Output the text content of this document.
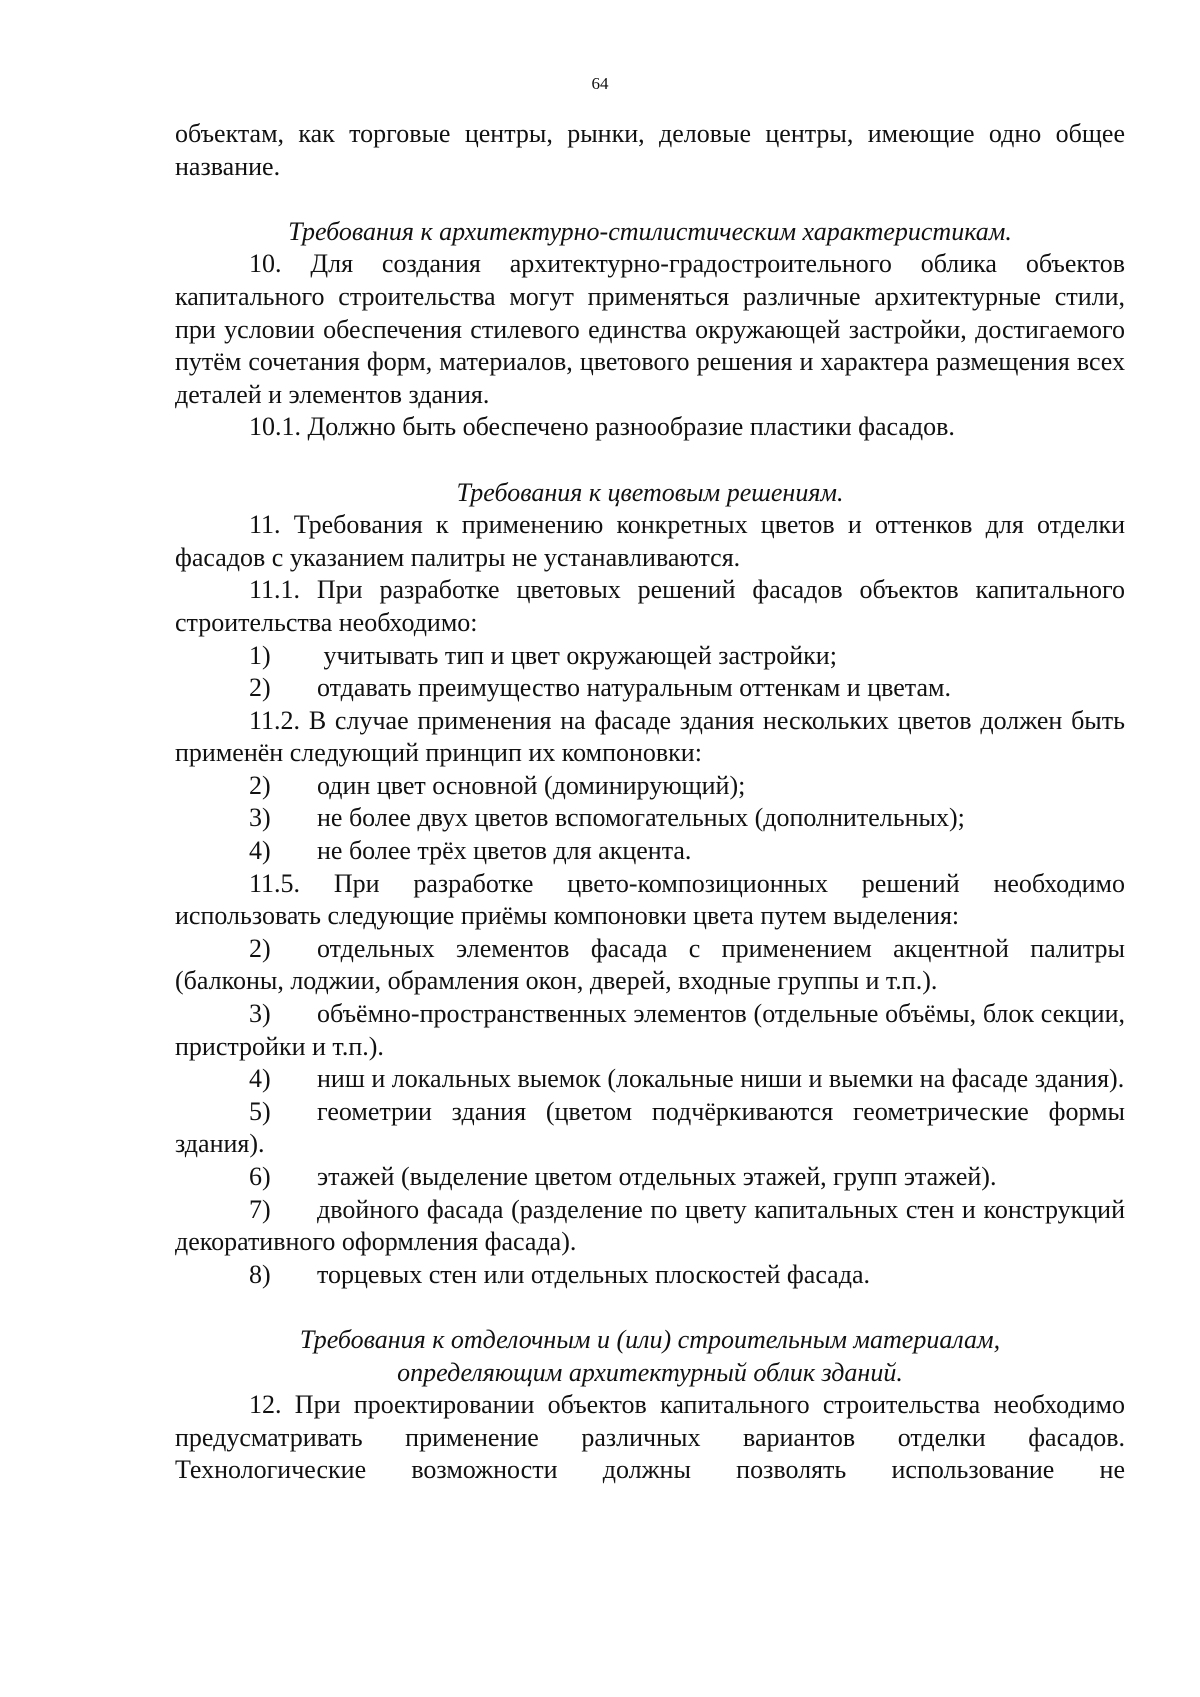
64

объектам, как торговые центры, рынки, деловые центры, имеющие одно общее название.

Требования к архитектурно-стилистическим характеристикам.

10. Для создания архитектурно-градостроительного облика объектов капитального строительства могут применяться различные архитектурные стили, при условии обеспечения стилевого единства окружающей застройки, достигаемого путём сочетания форм, материалов, цветового решения и характера размещения всех деталей и элементов здания.

10.1. Должно быть обеспечено разнообразие пластики фасадов.

Требования к цветовым решениям.

11. Требования к применению конкретных цветов и оттенков для отделки фасадов с указанием палитры не устанавливаются.

11.1. При разработке цветовых решений фасадов объектов капитального строительства необходимо:

1)	учитывать тип и цвет окружающей застройки;
2)	отдавать преимущество натуральным оттенкам и цветам.

11.2. В случае применения на фасаде здания нескольких цветов должен быть применён следующий принцип их компоновки:

2)	один цвет основной (доминирующий);
3)	не более двух цветов вспомогательных (дополнительных);
4)	не более трёх цветов для акцента.

11.5. При разработке цвето-композиционных решений необходимо использовать следующие приёмы компоновки цвета путем выделения:

2) отдельных элементов фасада с применением акцентной палитры (балконы, лоджии, обрамления окон, дверей, входные группы и т.п.).

3) объёмно-пространственных элементов (отдельные объёмы, блок секции, пристройки и т.п.).

4) ниш и локальных выемок (локальные ниши и выемки на фасаде здания).

5) геометрии здания (цветом подчёркиваются геометрические формы здания).

6) этажей (выделение цветом отдельных этажей, групп этажей).

7) двойного фасада (разделение по цвету капитальных стен и конструкций декоративного оформления фасада).

8) торцевых стен или отдельных плоскостей фасада.

Требования к отделочным и (или) строительным материалам,

определяющим архитектурный облик зданий.

12. При проектировании объектов капитального строительства необходимо предусматривать применение различных вариантов отделки фасадов. Технологические возможности должны позволять использование не
